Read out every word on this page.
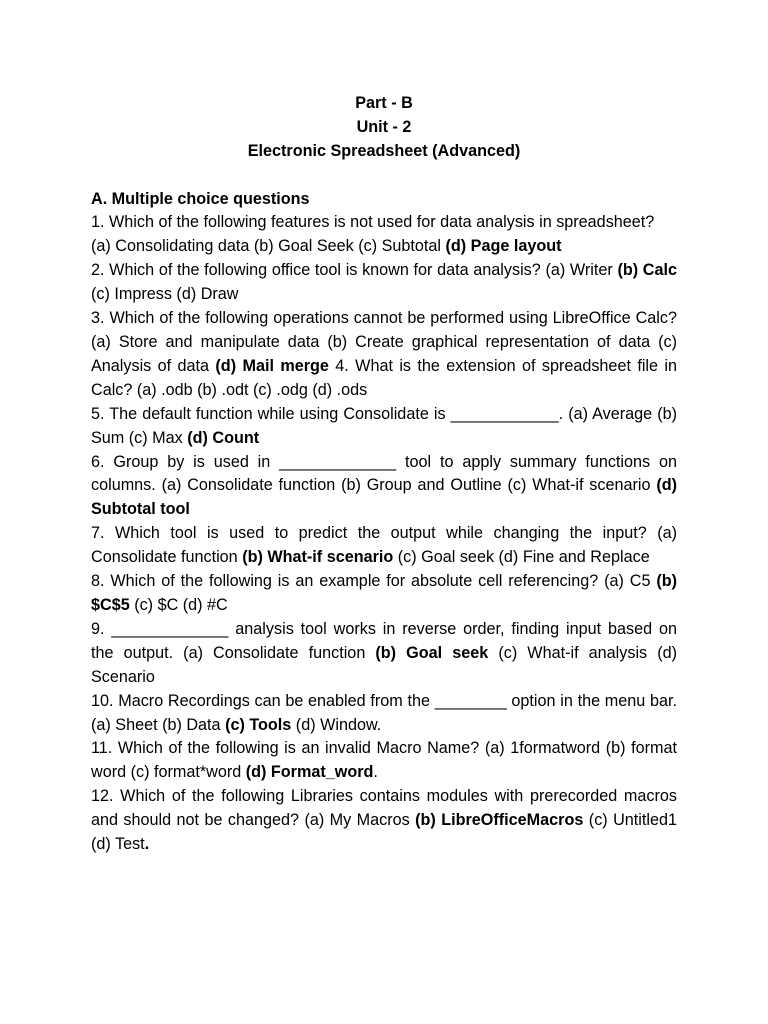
Part - B
Unit - 2
Electronic Spreadsheet (Advanced)
A. Multiple choice questions
1. Which of the following features is not used for data analysis in spreadsheet?
(a) Consolidating data (b) Goal Seek (c) Subtotal (d) Page layout
2. Which of the following office tool is known for data analysis? (a) Writer (b) Calc (c) Impress (d) Draw
3. Which of the following operations cannot be performed using LibreOffice Calc? (a) Store and manipulate data (b) Create graphical representation of data (c) Analysis of data (d) Mail merge 4. What is the extension of spreadsheet file in Calc? (a) .odb (b) .odt (c) .odg (d) .ods
5. The default function while using Consolidate is ____________. (a) Average (b) Sum (c) Max (d) Count
6. Group by is used in _____________ tool to apply summary functions on columns. (a) Consolidate function (b) Group and Outline (c) What-if scenario (d) Subtotal tool
7. Which tool is used to predict the output while changing the input? (a) Consolidate function (b) What-if scenario (c) Goal seek (d) Fine and Replace
8. Which of the following is an example for absolute cell referencing? (a) C5 (b) $C$5 (c) $C (d) #C
9. _____________ analysis tool works in reverse order, finding input based on the output. (a) Consolidate function (b) Goal seek (c) What-if analysis (d) Scenario
10. Macro Recordings can be enabled from the ________ option in the menu bar. (a) Sheet (b) Data (c) Tools (d) Window.
11. Which of the following is an invalid Macro Name? (a) 1formatword (b) format word (c) format*word (d) Format_word.
12. Which of the following Libraries contains modules with prerecorded macros and should not be changed? (a) My Macros (b) LibreOfficeMacros (c) Untitled1 (d) Test.
